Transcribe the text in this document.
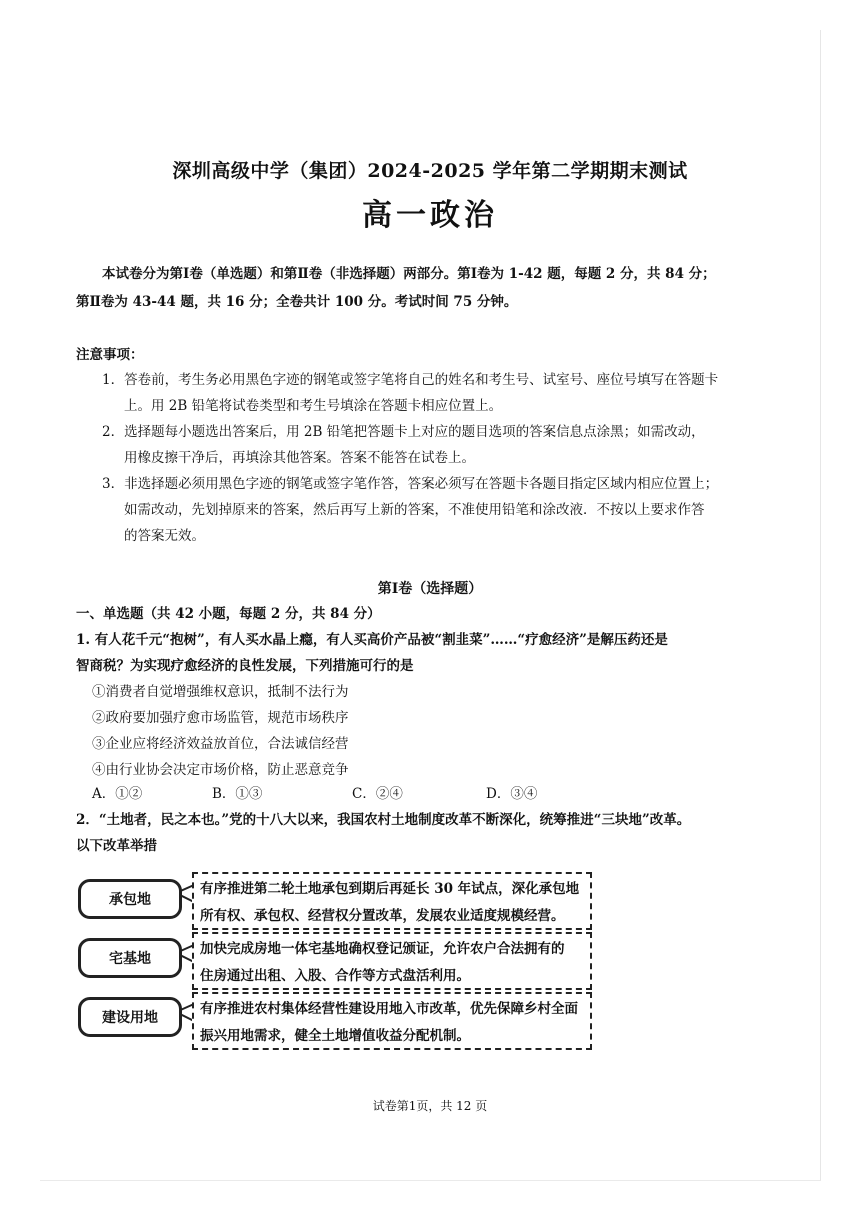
深圳高级中学（集团）2024-2025 学年第二学期期末测试
高一政治
本试卷分为第Ⅰ卷（单选题）和第Ⅱ卷（非选择题）两部分。第Ⅰ卷为 1-42 题，每题 2 分，共 84 分；
第Ⅱ卷为 43-44 题，共 16 分；全卷共计 100 分。考试时间 75 分钟。
注意事项：
1．答卷前，考生务必用黑色字迹的钢笔或签字笔将自己的姓名和考生号、试室号、座位号填写在答题卡
上。用 2B 铅笔将试卷类型和考生号填涂在答题卡相应位置上。
2．选择题每小题选出答案后，用 2B 铅笔把答题卡上对应的题目选项的答案信息点涂黑；如需改动，
用橡皮擦干净后，再填涂其他答案。答案不能答在试卷上。
3．非选择题必须用黑色字迹的钢笔或签字笔作答，答案必须写在答题卡各题目指定区域内相应位置上；
如需改动，先划掉原来的答案，然后再写上新的答案，不准使用铅笔和涂改液．不按以上要求作答
的答案无效。
第Ⅰ卷（选择题）
一、单选题（共 42 小题，每题 2 分，共 84 分）
1. 有人花千元“抱树”，有人买水晶上瘾，有人买高价产品被“割韭菜”……“疗愈经济”是解压药还是
智商税？为实现疗愈经济的良性发展，下列措施可行的是
①消费者自觉增强维权意识，抵制不法行为
②政府要加强疗愈市场监管，规范市场秩序
③企业应将经济效益放首位，合法诚信经营
④由行业协会决定市场价格，防止恶意竞争
A．①②	B．①③	C．②④	D．③④
2．“土地者，民之本也。”党的十八大以来，我国农村土地制度改革不断深化，统筹推进“三块地”改革。
以下改革举措
承包地
有序推进第二轮土地承包到期后再延长 30 年试点，深化承包地
所有权、承包权、经营权分置改革，发展农业适度规模经营。
宅基地
加快完成房地一体宅基地确权登记颁证，允许农户合法拥有的
住房通过出租、入股、合作等方式盘活利用。
建设用地
有序推进农村集体经营性建设用地入市改革，优先保障乡村全面
振兴用地需求，健全土地增值收益分配机制。
试卷第1页，共 12 页
